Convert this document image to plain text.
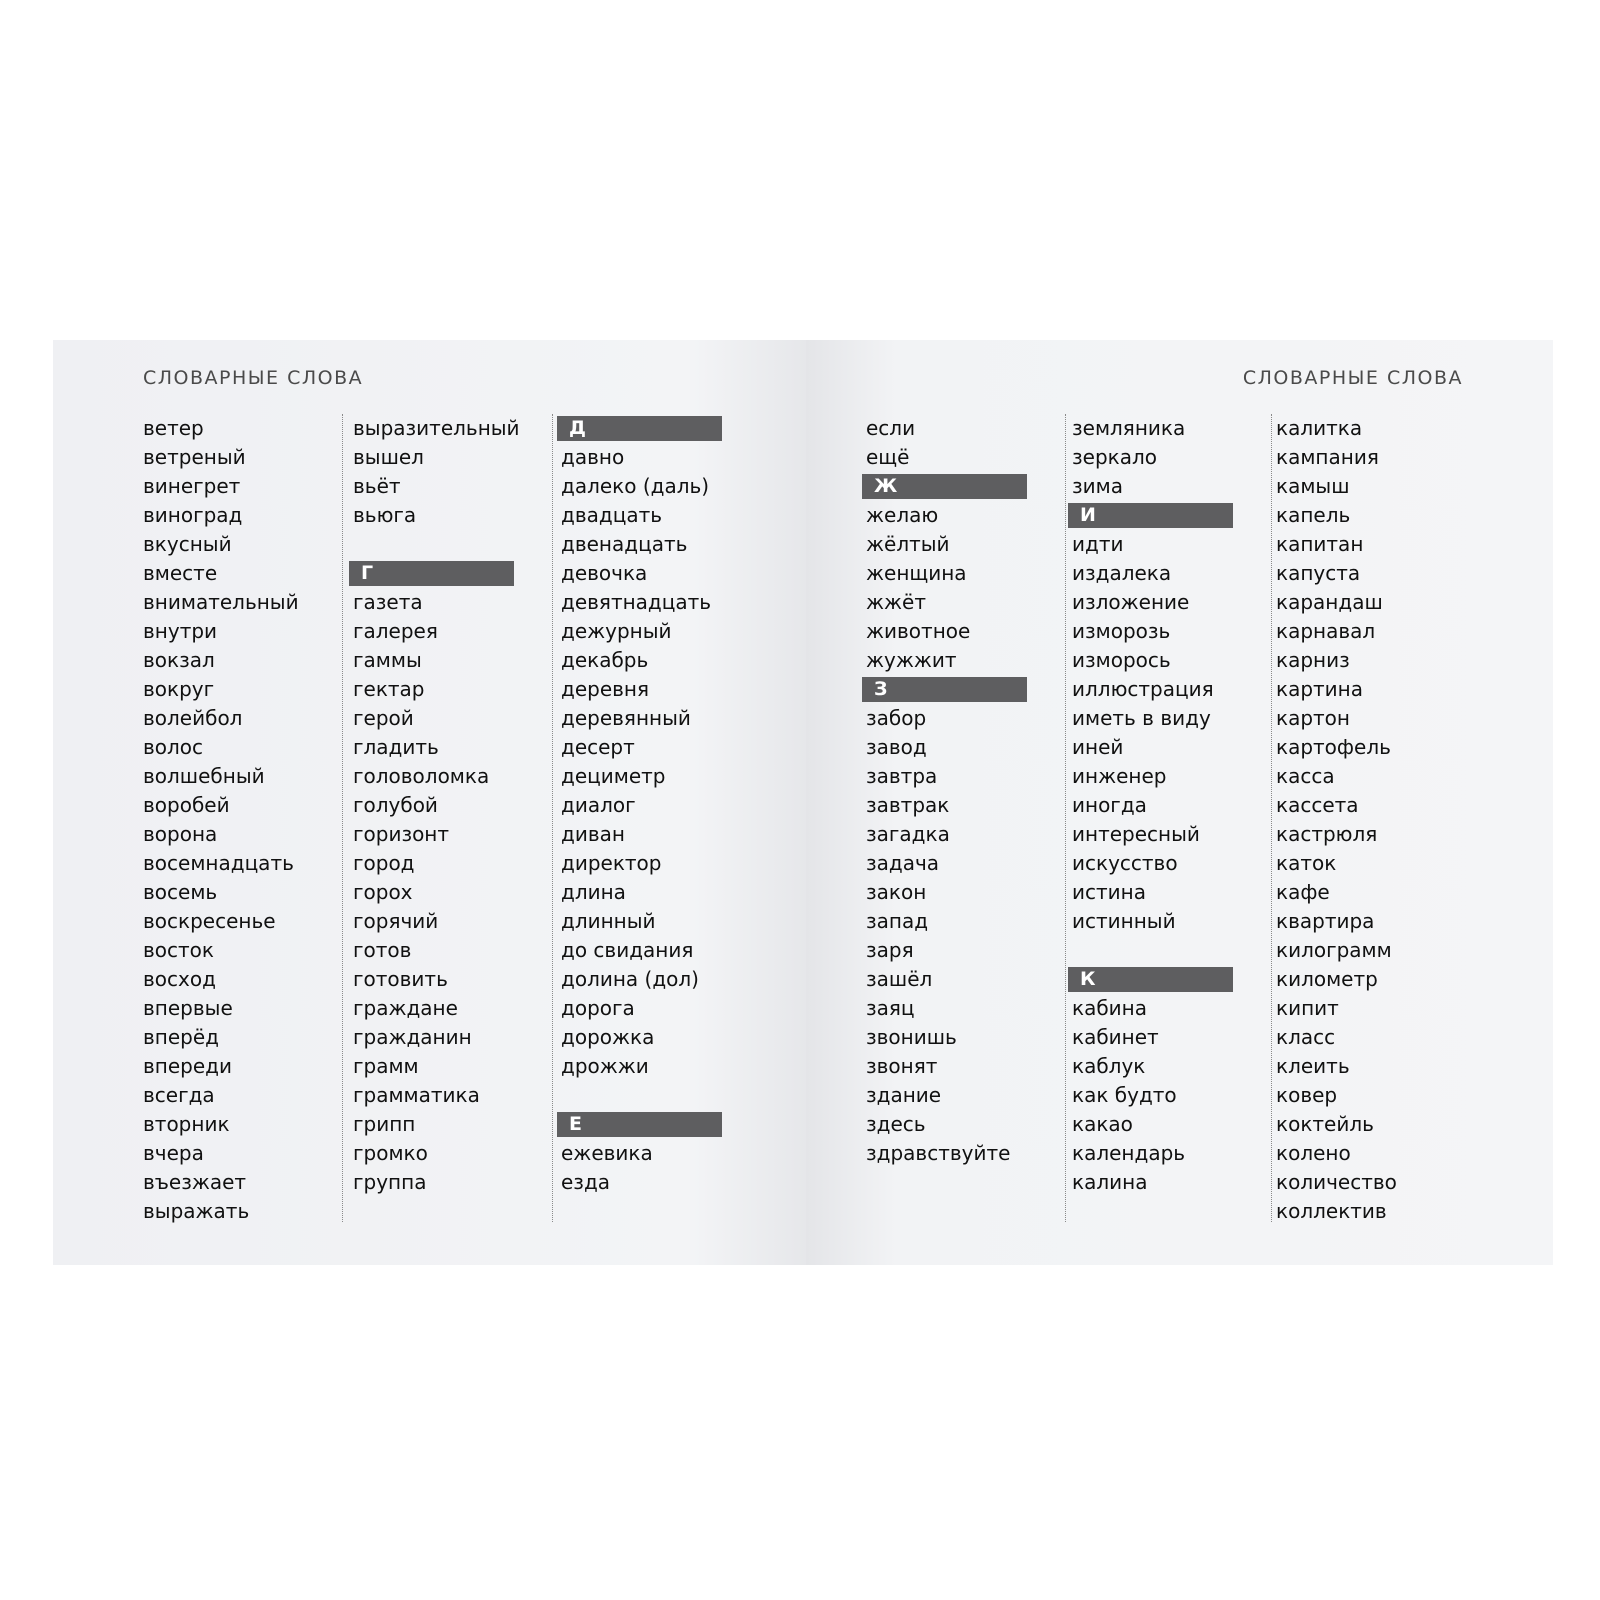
СЛОВАРНЫЕ СЛОВА
ветер
ветреный
винегрет
виноград
вкусный
вместе
внимательный
внутри
вокзал
вокруг
волейбол
волос
волшебный
воробей
ворона
восемнадцать
восемь
воскресенье
восток
восход
впервые
вперёд
впереди
всегда
вторник
вчера
въезжает
выражать
выразительный
вышел
вьёт
вьюга
Г
газета
галерея
гаммы
гектар
герой
гладить
головоломка
голубой
горизонт
город
горох
горячий
готов
готовить
граждане
гражданин
грамм
грамматика
грипп
громко
группа
Д
давно
далеко (даль)
двадцать
двенадцать
девочка
девятнадцать
дежурный
декабрь
деревня
деревянный
десерт
дециметр
диалог
диван
директор
длина
длинный
до свидания
долина (дол)
дорога
дорожка
дрожжи
Е
ежевика
езда
СЛОВАРНЫЕ СЛОВА
если
ещё
Ж
желаю
жёлтый
женщина
жжёт
животное
жужжит
З
забор
завод
завтра
завтрак
загадка
задача
закон
запад
заря
зашёл
заяц
звонишь
звонят
здание
здесь
здравствуйте
земляника
зеркало
зима
И
идти
издалека
изложение
изморозь
изморось
иллюстрация
иметь в виду
иней
инженер
иногда
интересный
искусство
истина
истинный
К
кабина
кабинет
каблук
как будто
какао
календарь
калина
калитка
кампания
камыш
капель
капитан
капуста
карандаш
карнавал
карниз
картина
картон
картофель
касса
кассета
кастрюля
каток
кафе
квартира
килограмм
километр
кипит
класс
клеить
ковер
коктейль
колено
количество
коллектив
